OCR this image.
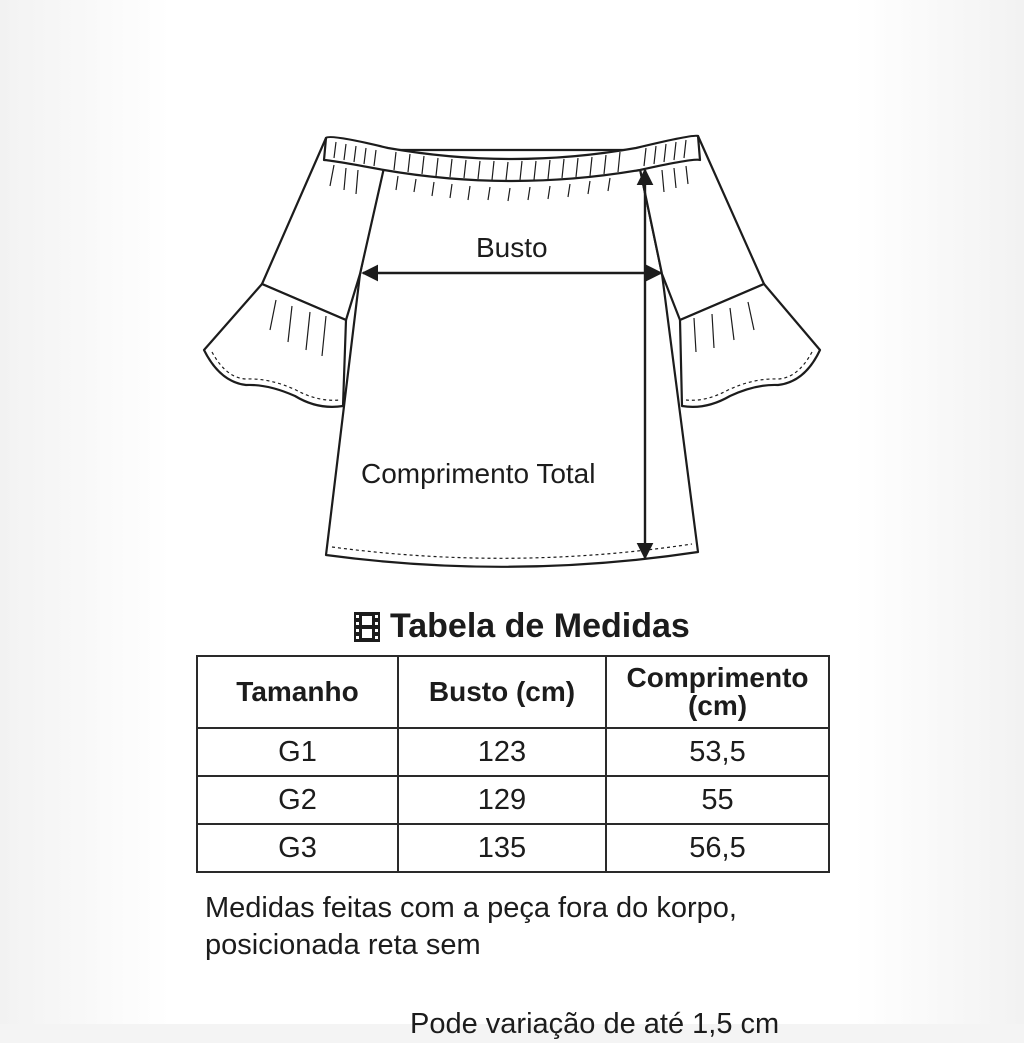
Busto
Comprimento Total
Tabela de Medidas
Tamanho	Busto (cm)	Comprimento (cm)
G1	123	53,5
G2	129	55
G3	135	56,5
Medidas feitas com a peça fora do korpo,
posicionada reta sem
Pode variação de até 1,5 cm
